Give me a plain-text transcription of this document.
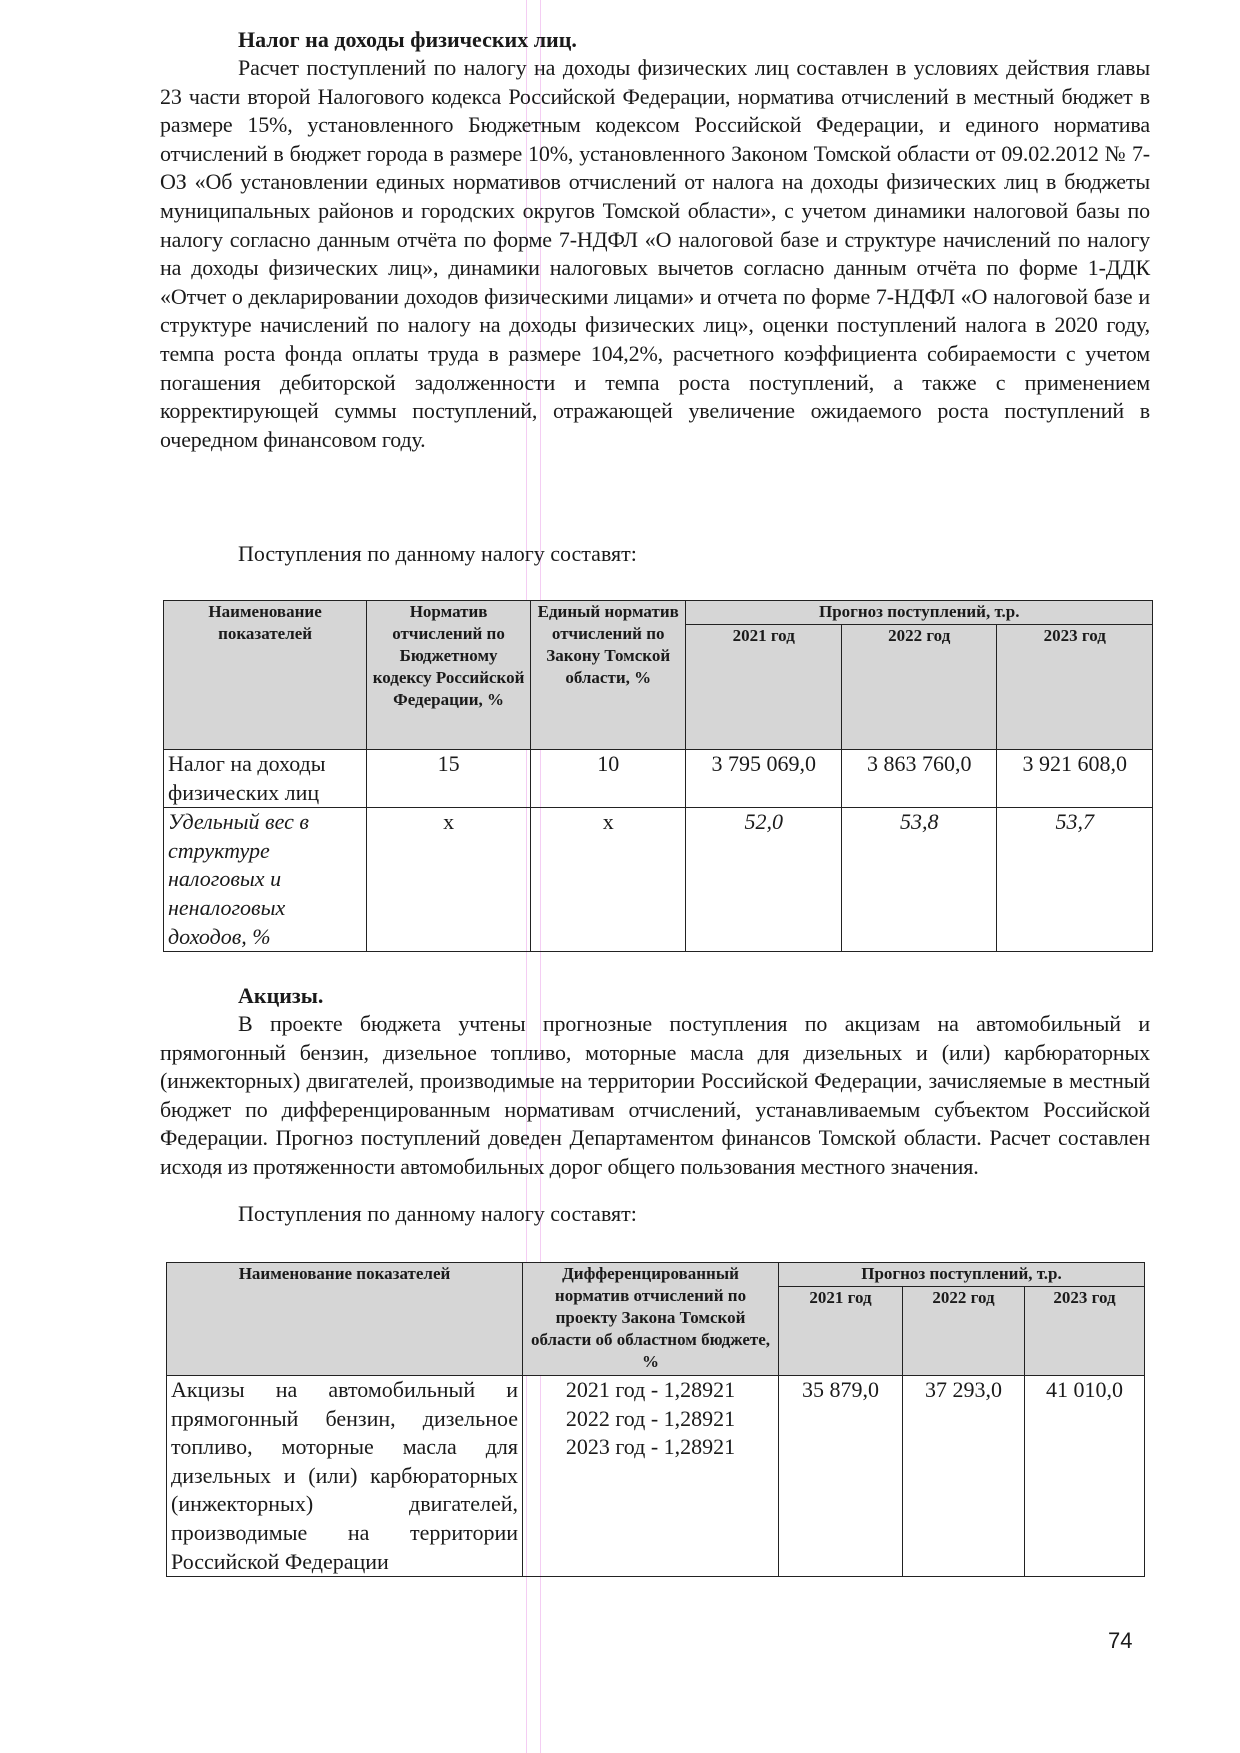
Налог на доходы физических лиц.

Расчет поступлений по налогу на доходы физических лиц составлен в условиях действия главы 23 части второй Налогового кодекса Российской Федерации, норматива отчислений в местный бюджет в размере 15%, установленного Бюджетным кодексом Российской Федерации, и единого норматива отчислений в бюджет города в размере 10%, установленного Законом Томской области от 09.02.2012 № 7-ОЗ «Об установлении единых нормативов отчислений от налога на доходы физических лиц в бюджеты муниципальных районов и городских округов Томской области», с учетом динамики налоговой базы по налогу согласно данным отчёта по форме 7-НДФЛ «О налоговой базе и структуре начислений по налогу на доходы физических лиц», динамики налоговых вычетов согласно данным отчёта по форме 1-ДДК «Отчет о декларировании доходов физическими лицами» и отчета по форме 7-НДФЛ «О налоговой базе и структуре начислений по налогу на доходы физических лиц», оценки поступлений налога в 2020 году, темпа роста фонда оплаты труда в размере 104,2%, расчетного коэффициента собираемости с учетом погашения дебиторской задолженности и темпа роста поступлений, а также с применением корректирующей суммы поступлений, отражающей увеличение ожидаемого роста поступлений в очередном финансовом году.

Поступления по данному налогу составят:

Наименование показателей	Норматив отчислений по Бюджетному кодексу Российской Федерации, %	Единый норматив отчислений по Закону Томской области, %	Прогноз поступлений, т.р.		
			2021 год	2022 год	2023 год
Налог на доходы физических лиц	15	10	3 795 069,0	3 863 760,0	3 921 608,0
Удельный вес в структуре налоговых и неналоговых доходов, %	х	х	52,0	53,8	53,7

Акцизы.

В проекте бюджета учтены прогнозные поступления по акцизам на автомобильный и прямогонный бензин, дизельное топливо, моторные масла для дизельных и (или) карбюраторных (инжекторных) двигателей, производимые на территории Российской Федерации, зачисляемые в местный бюджет по дифференцированным нормативам отчислений, устанавливаемым субъектом Российской Федерации. Прогноз поступлений доведен Департаментом финансов Томской области. Расчет составлен исходя из протяженности автомобильных дорог общего пользования местного значения.

Поступления по данному налогу составят:

Наименование показателей	Дифференцированный норматив отчислений по проекту Закона Томской области об областном бюджете, %	Прогноз поступлений, т.р.		
		2021 год	2022 год	2023 год
Акцизы на автомобильный и прямогонный бензин, дизельное топливо, моторные масла для дизельных и (или) карбюраторных (инжекторных) двигателей, производимые на территории Российской Федерации	2021 год - 1,28921
2022 год - 1,28921
2023 год - 1,28921	35 879,0	37 293,0	41 010,0
74
